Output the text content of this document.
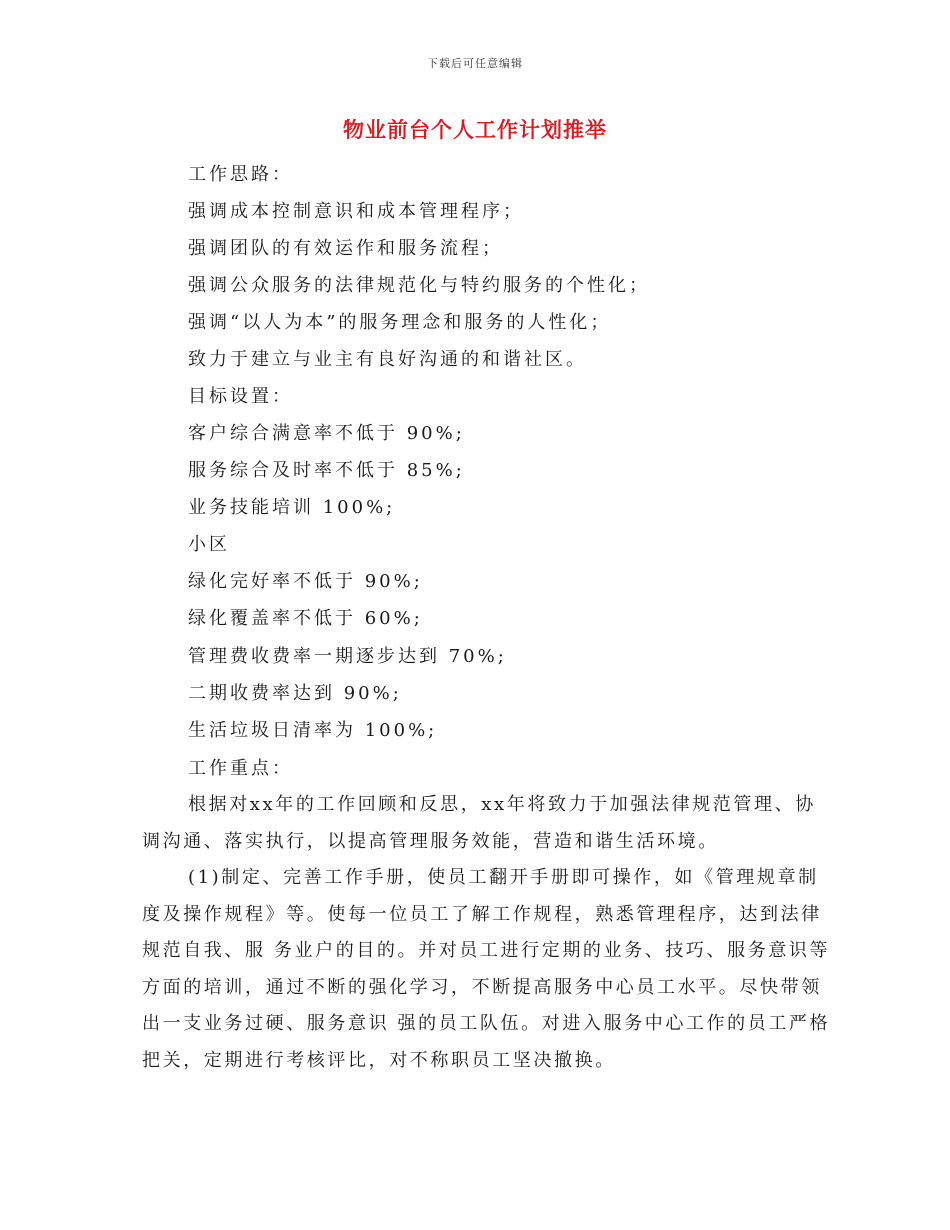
下载后可任意编辑
物业前台个人工作计划推举
工作思路：
强调成本控制意识和成本管理程序；
强调团队的有效运作和服务流程；
强调公众服务的法律规范化与特约服务的个性化；
强调“以人为本”的服务理念和服务的人性化；
致力于建立与业主有良好沟通的和谐社区。
目标设置：
客户综合满意率不低于 90%;
服务综合及时率不低于 85%;
业务技能培训 100%;
小区
绿化完好率不低于 90%;
绿化覆盖率不低于 60%;
管理费收费率一期逐步达到 70%;
二期收费率达到 90%;
生活垃圾日清率为 100%;
工作重点：
根据对xx年的工作回顾和反思，xx年将致力于加强法律规范管理、协调沟通、落实执行，以提高管理服务效能，营造和谐生活环境。
(1)制定、完善工作手册，使员工翻开手册即可操作，如《管理规章制度及操作规程》等。使每一位员工了解工作规程，熟悉管理程序，达到法律规范自我、服 务业户的目的。并对员工进行定期的业务、技巧、服务意识等方面的培训，通过不断的强化学习，不断提高服务中心员工水平。尽快带领出一支业务过硬、服务意识 强的员工队伍。对进入服务中心工作的员工严格把关，定期进行考核评比，对不称职员工坚决撤换。
